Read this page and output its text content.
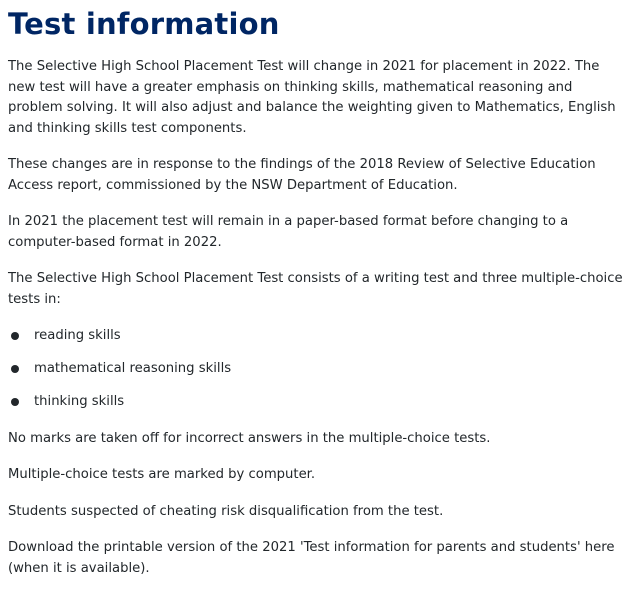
Test information

The Selective High School Placement Test will change in 2021 for placement in 2022. The new test will have a greater emphasis on thinking skills, mathematical reasoning and problem solving. It will also adjust and balance the weighting given to Mathematics, English and thinking skills test components.

These changes are in response to the findings of the 2018 Review of Selective Education Access report, commissioned by the NSW Department of Education.

In 2021 the placement test will remain in a paper-based format before changing to a computer-based format in 2022.

The Selective High School Placement Test consists of a writing test and three multiple-choice tests in:

reading skills
mathematical reasoning skills
thinking skills

No marks are taken off for incorrect answers in the multiple-choice tests.

Multiple-choice tests are marked by computer.

Students suspected of cheating risk disqualification from the test.

Download the printable version of the 2021 'Test information for parents and students' here (when it is available).
